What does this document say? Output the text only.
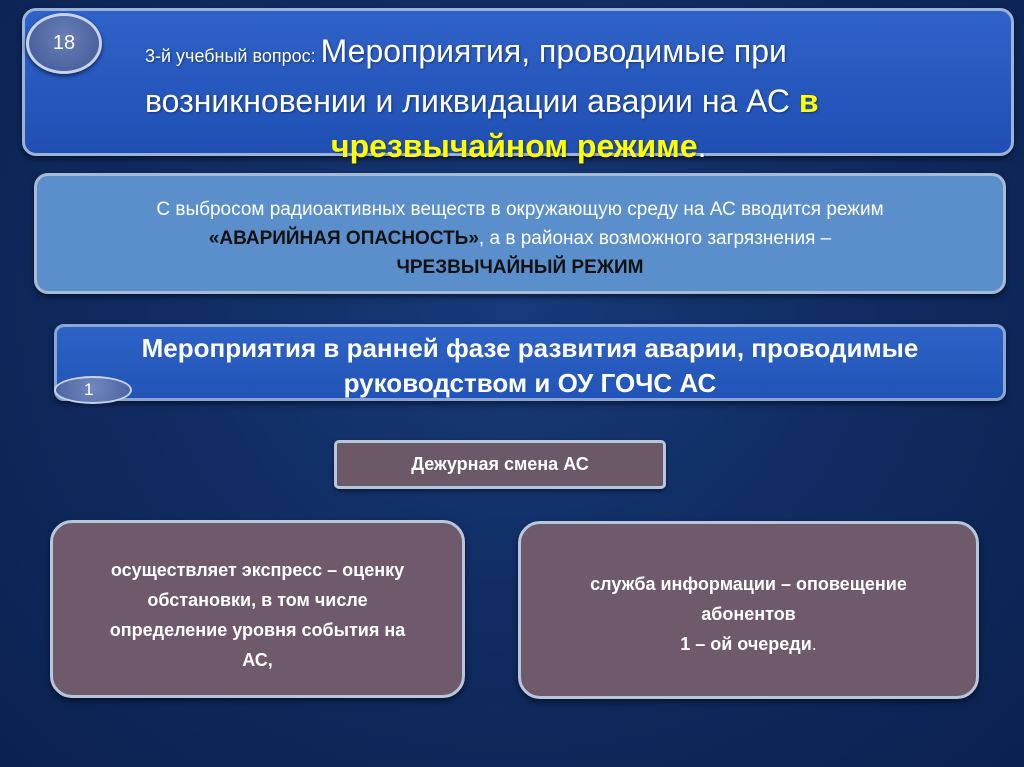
3-й учебный вопрос: Мероприятия, проводимые при
возникновении и ликвидации аварии на АС в
чрезвычайном режиме.
18
С выбросом радиоактивных веществ в окружающую среду на АС вводится режим
«АВАРИЙНАЯ ОПАСНОСТЬ», а в районах возможного загрязнения –
ЧРЕЗВЫЧАЙНЫЙ РЕЖИМ
Мероприятия в ранней фазе развития аварии, проводимые
руководством и ОУ ГОЧС АС
1
Дежурная смена АС
осуществляет экспресс – оценку
обстановки, в том числе
определение уровня события на
АС,
служба информации – оповещение
абонентов
1 – ой очереди.
